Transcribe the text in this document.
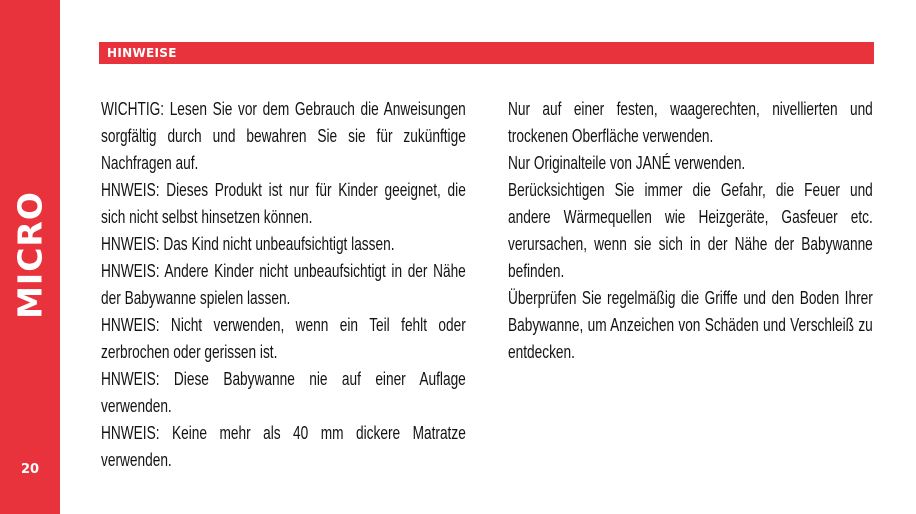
MICRO
20
HINWEISE

WICHTIG: Lesen Sie vor dem Gebrauch die Anweisungen sorgfältig durch und bewahren Sie sie für zukünftige Nachfragen auf.

HNWEIS: Dieses Produkt ist nur für Kinder geeignet, die sich nicht selbst hinsetzen können.

HNWEIS: Das Kind nicht unbeaufsichtigt lassen.

HNWEIS: Andere Kinder nicht unbeaufsichtigt in der Nähe der Babywanne spielen lassen.

HNWEIS: Nicht verwenden, wenn ein Teil fehlt oder zerbrochen oder gerissen ist.

HNWEIS: Diese Babywanne nie auf einer Auflage verwenden.

HNWEIS: Keine mehr als 40 mm dickere Matratze verwenden.

Nur auf einer festen, waagerechten, nivellierten und trockenen Oberfläche verwenden.

Nur Originalteile von JANÉ verwenden.

Berücksichtigen Sie immer die Gefahr, die Feuer und andere Wärmequellen wie Heizgeräte, Gasfeuer etc. verursachen, wenn sie sich in der Nähe der Babywanne befinden.

Überprüfen Sie regelmäßig die Griffe und den Boden Ihrer Babywanne, um Anzeichen von Schäden und Verschleiß zu entdecken.
